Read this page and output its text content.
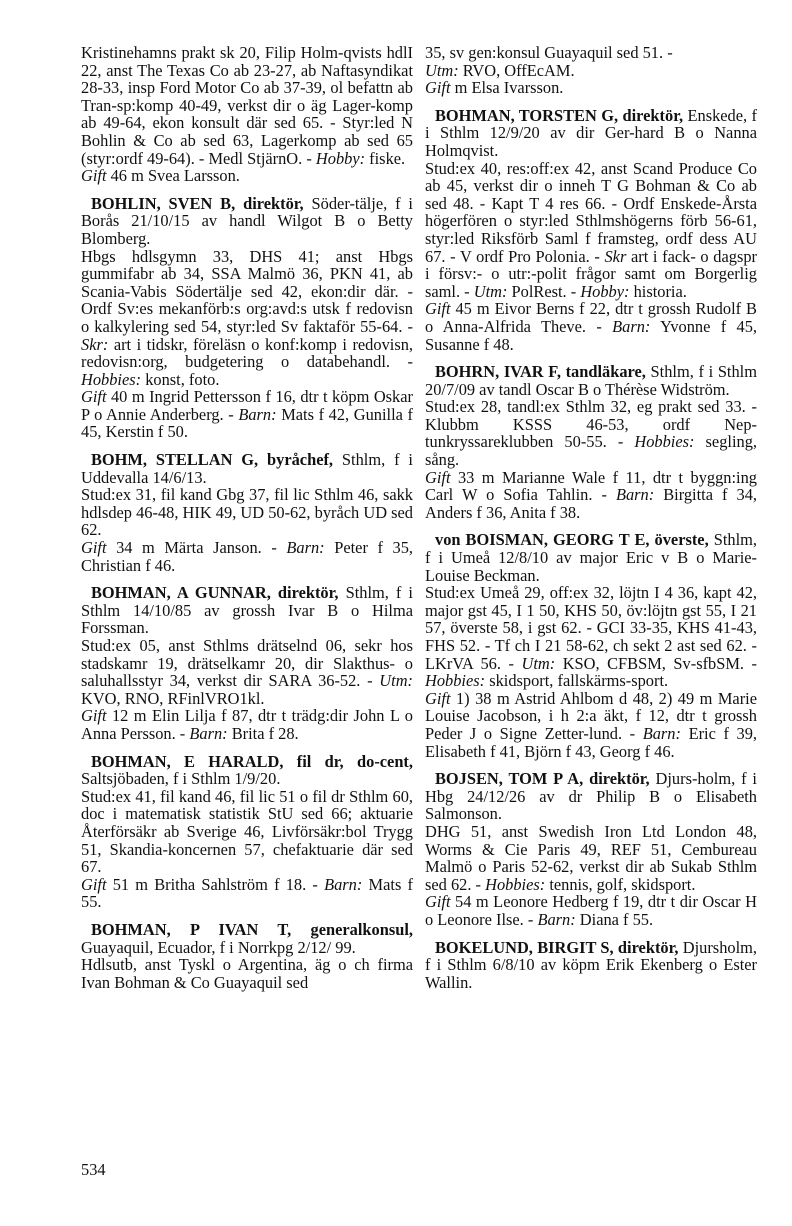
Kristinehamns prakt sk 20, Filip Holm-qvists hdlI 22, anst The Texas Co ab 23-27, ab Naftasyndikat 28-33, insp Ford Motor Co ab 37-39, ol befattn ab Tran-sp:komp 40-49, verkst dir o äg Lager-komp ab 49-64, ekon konsult där sed 65. - Styr:led N Bohlin & Co ab sed 63, Lagerkomp ab sed 65 (styr:ordf 49-64). - Medl StjärnO. - Hobby: fiske.
Gift 46 m Svea Larsson.

BOHLIN, SVEN B, direktör, Söder-tälje, f i Borås 21/10/15 av handl Wilgot B o Betty Blomberg.

Hbgs hdlsgymn 33, DHS 41; anst Hbgs gummifabr ab 34, SSA Malmö 36, PKN 41, ab Scania-Vabis Södertälje sed 42, ekon:dir där. - Ordf Sv:es mekanförb:s org:avd:s utsk f redovisn o kalkylering sed 54, styr:led Sv faktaför 55-64. - Skr: art i tidskr, föreläsn o konf:komp i redovisn, redovisn:org, budgetering o databehandl. - Hobbies: konst, foto.

Gift 40 m Ingrid Pettersson f 16, dtr t köpm Oskar P o Annie Anderberg. - Barn: Mats f 42, Gunilla f 45, Kerstin f 50.

BOHM, STELLAN G, byråchef, Sthlm, f i Uddevalla 14/6/13.

Stud:ex 31, fil kand Gbg 37, fil lic Sthlm 46, sakk hdlsdep 46-48, HIK 49, UD 50-62, byråch UD sed 62.

Gift 34 m Märta Janson. - Barn: Peter f 35, Christian f 46.

BOHMAN, A GUNNAR, direktör, Sthlm, f i Sthlm 14/10/85 av grossh Ivar B o Hilma Forssman.

Stud:ex 05, anst Sthlms drätselnd 06, sekr hos stadskamr 19, drätselkamr 20, dir Slakthus- o saluhallsstyr 34, verkst dir SARA 36-52. - Utm: KVO, RNO, RFinlVRO1kl.

Gift 12 m Elin Lilja f 87, dtr t trädg:dir John L o Anna Persson. - Barn: Brita f 28.

BOHMAN, E HARALD, fil dr, do-cent, Saltsjöbaden, f i Sthlm 1/9/20.

Stud:ex 41, fil kand 46, fil lic 51 o fil dr Sthlm 60, doc i matematisk statistik StU sed 66; aktuarie Återförsäkr ab Sverige 46, Livförsäkr:bol Trygg 51, Skandia-koncernen 57, chefaktuarie där sed 67.

Gift 51 m Britha Sahlström f 18. - Barn: Mats f 55.

BOHMAN, P IVAN T, generalkonsul, Guayaquil, Ecuador, f i Norrkpg 2/12/ 99.

Hdlsutb, anst Tyskl o Argentina, äg o ch firma Ivan Bohman & Co Guayaquil sed

35, sv gen:konsul Guayaquil sed 51. -
Utm: RVO, OffEcAM.
Gift m Elsa Ivarsson.

BOHMAN, TORSTEN G, direktör, Enskede, f i Sthlm 12/9/20 av dir Ger-hard B o Nanna Holmqvist.

Stud:ex 40, res:off:ex 42, anst Scand Produce Co ab 45, verkst dir o inneh T G Bohman & Co ab sed 48. - Kapt T 4 res 66. - Ordf Enskede-Årsta högerfören o styr:led Sthlmshögerns förb 56-61, styr:led Riksförb Saml f framsteg, ordf dess AU 67. - V ordf Pro Polonia. - Skr art i fack- o dagspr i försv:- o utr:-polit frågor samt om Borgerlig saml. - Utm: PolRest. - Hobby: historia.

Gift 45 m Eivor Berns f 22, dtr t grossh Rudolf B o Anna-Alfrida Theve. - Barn: Yvonne f 45, Susanne f 48.

BOHRN, IVAR F, tandläkare, Sthlm, f i Sthlm 20/7/09 av tandl Oscar B o Thérèse Widström.

Stud:ex 28, tandl:ex Sthlm 32, eg prakt sed 33. - Klubbm KSSS 46-53, ordf Nep-tunkryssareklubben 50-55. - Hobbies: segling, sång.

Gift 33 m Marianne Wale f 11, dtr t byggn:ing Carl W o Sofia Tahlin. - Barn: Birgitta f 34, Anders f 36, Anita f 38.

von BOISMAN, GEORG T E, överste, Sthlm, f i Umeå 12/8/10 av major Eric v B o Marie-Louise Beckman.

Stud:ex Umeå 29, off:ex 32, löjtn I 4 36, kapt 42, major gst 45, I 1 50, KHS 50, öv:löjtn gst 55, I 21 57, överste 58, i gst 62. - GCI 33-35, KHS 41-43, FHS 52. - Tf ch I 21 58-62, ch sekt 2 ast sed 62. - LKrVA 56. - Utm: KSO, CFBSM, Sv-sfbSM. - Hobbies: skidsport, fallskärms-sport.

Gift 1) 38 m Astrid Ahlbom d 48, 2) 49 m Marie Louise Jacobson, i h 2:a äkt, f 12, dtr t grossh Peder J o Signe Zetter-lund. - Barn: Eric f 39, Elisabeth f 41, Björn f 43, Georg f 46.

BOJSEN, TOM P A, direktör, Djurs-holm, f i Hbg 24/12/26 av dr Philip B o Elisabeth Salmonson.

DHG 51, anst Swedish Iron Ltd London 48, Worms & Cie Paris 49, REF 51, Cembureau Malmö o Paris 52-62, verkst dir ab Sukab Sthlm sed 62. - Hobbies: tennis, golf, skidsport.

Gift 54 m Leonore Hedberg f 19, dtr t dir Oscar H o Leonore Ilse. - Barn: Diana f 55.

BOKELUND, BIRGIT S, direktör, Djursholm, f i Sthlm 6/8/10 av köpm Erik Ekenberg o Ester Wallin.

534
